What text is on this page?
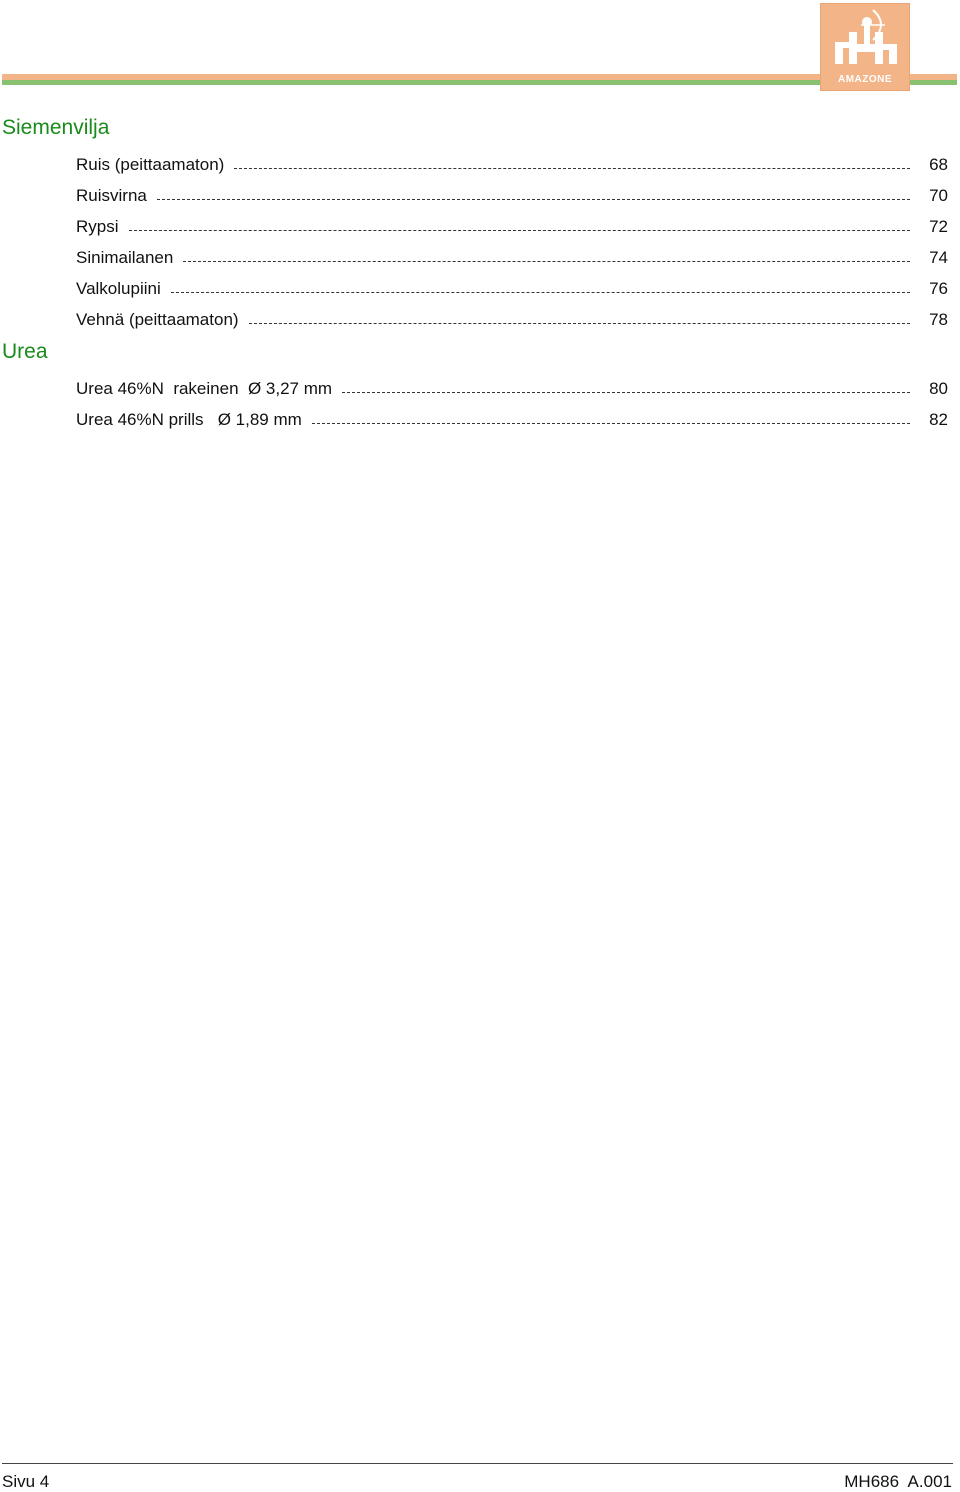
AMAZONE
Siemenvilja
Ruis (peittaamaton)	68
Ruisvirna	70
Rypsi	72
Sinimailanen	74
Valkolupiini	76
Vehnä (peittaamaton)	78
Urea
Urea 46%N  rakeinen  Ø 3,27 mm	80
Urea 46%N prills   Ø 1,89 mm	82
Sivu 4	MH686  A.001
